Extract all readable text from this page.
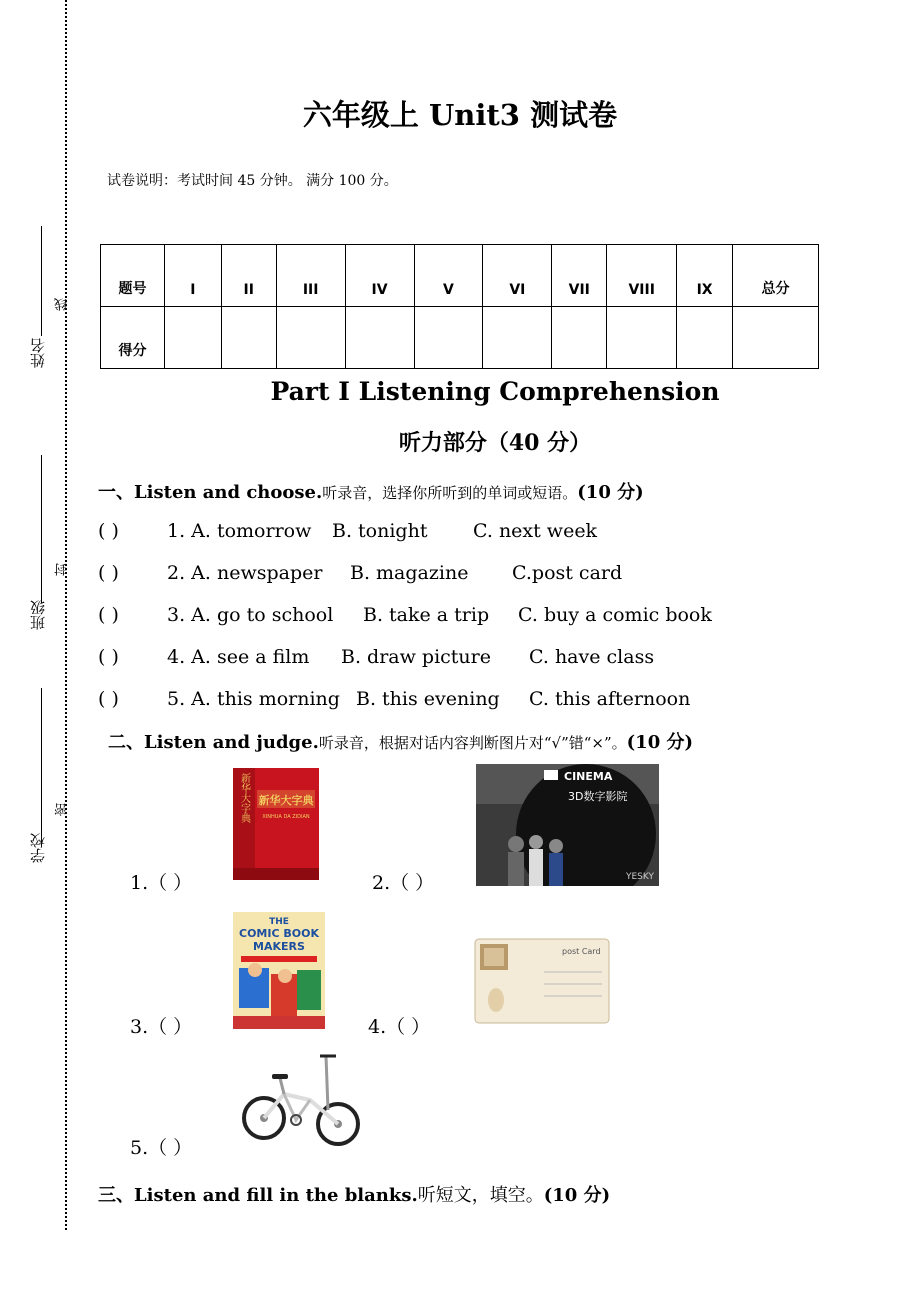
姓名
线
班级
封
学校
密
六年级上 Unit3 测试卷
试卷说明：考试时间 45 分钟。 满分 100 分。
题号	I	II	III	IV	V	VI	VII	VIII	IX	总分
得分										
Part I Listening Comprehension
听力部分（40 分）
一、Listen and choose.听录音，选择你所听到的单词或短语。(10 分)
( )	1. A. tomorrow B. tonight C. next week
( )	2. A. newspaper B. magazine C.post card
( )	3. A. go to school B. take a trip C. buy a comic book
( )	4. A. see a film B. draw picture C. have class
( )	5. A. this morning B. this evening C. this afternoon
二、Listen and judge.听录音，根据对话内容判断图片对“√”错“×”。(10 分)
1.（ ）	2.（ ）
3.（ ）	4.（ ）
5.（ ）
新华大字典
XINHUA DA ZIDIAN
新华大字典	CINEMA
3D数字影院
YESKY
THE
COMIC BOOK
MAKERS	post Card
三、Listen and fill in the blanks.听短文，填空。(10 分)
